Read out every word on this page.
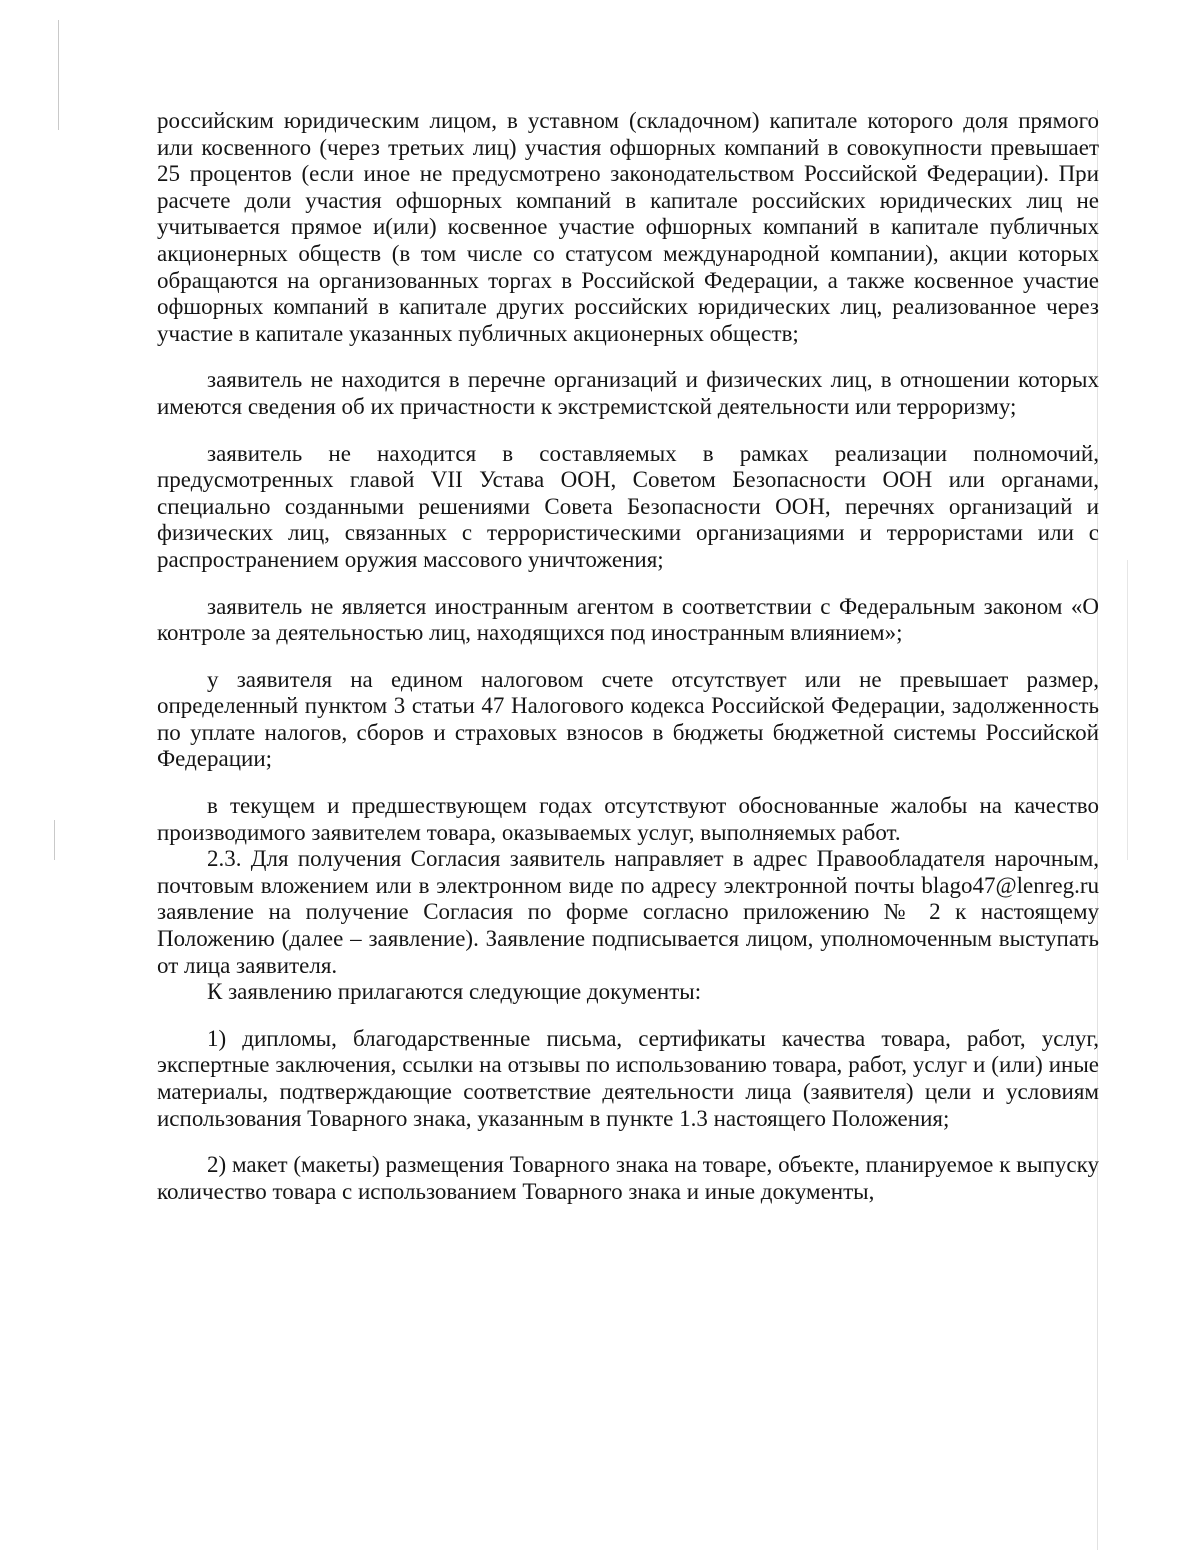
российским юридическим лицом, в уставном (складочном) капитале которого доля прямого или косвенного (через третьих лиц) участия офшорных компаний в совокупности превышает 25 процентов (если иное не предусмотрено законодательством Российской Федерации). При расчете доли участия офшорных компаний в капитале российских юридических лиц не учитывается прямое и(или) косвенное участие офшорных компаний в капитале публичных акционерных обществ (в том числе со статусом международной компании), акции которых обращаются на организованных торгах в Российской Федерации, а также косвенное участие офшорных компаний в капитале других российских юридических лиц, реализованное через участие в капитале указанных публичных акционерных обществ;

заявитель не находится в перечне организаций и физических лиц, в отношении которых имеются сведения об их причастности к экстремистской деятельности или терроризму;

заявитель не находится в составляемых в рамках реализации полномочий, предусмотренных главой VII Устава ООН, Советом Безопасности ООН или органами, специально созданными решениями Совета Безопасности ООН, перечнях организаций и физических лиц, связанных с террористическими организациями и террористами или с распространением оружия массового уничтожения;

заявитель не является иностранным агентом в соответствии с Федеральным законом «О контроле за деятельностью лиц, находящихся под иностранным влиянием»;

у заявителя на едином налоговом счете отсутствует или не превышает размер, определенный пунктом 3 статьи 47 Налогового кодекса Российской Федерации, задолженность по уплате налогов, сборов и страховых взносов в бюджеты бюджетной системы Российской Федерации;

в текущем и предшествующем годах отсутствуют обоснованные жалобы на качество производимого заявителем товара, оказываемых услуг, выполняемых работ.

2.3. Для получения Согласия заявитель направляет в адрес Правообладателя нарочным, почтовым вложением или в электронном виде по адресу электронной почты blago47@lenreg.ru заявление на получение Согласия по форме согласно приложению № 2 к настоящему Положению (далее – заявление). Заявление подписывается лицом, уполномоченным выступать от лица заявителя.

К заявлению прилагаются следующие документы:

1) дипломы, благодарственные письма, сертификаты качества товара, работ, услуг, экспертные заключения, ссылки на отзывы по использованию товара, работ, услуг и (или) иные материалы, подтверждающие соответствие деятельности лица (заявителя) цели и условиям использования Товарного знака, указанным в пункте 1.3 настоящего Положения;

2) макет (макеты) размещения Товарного знака на товаре, объекте, планируемое к выпуску количество товара с использованием Товарного знака и иные документы,
